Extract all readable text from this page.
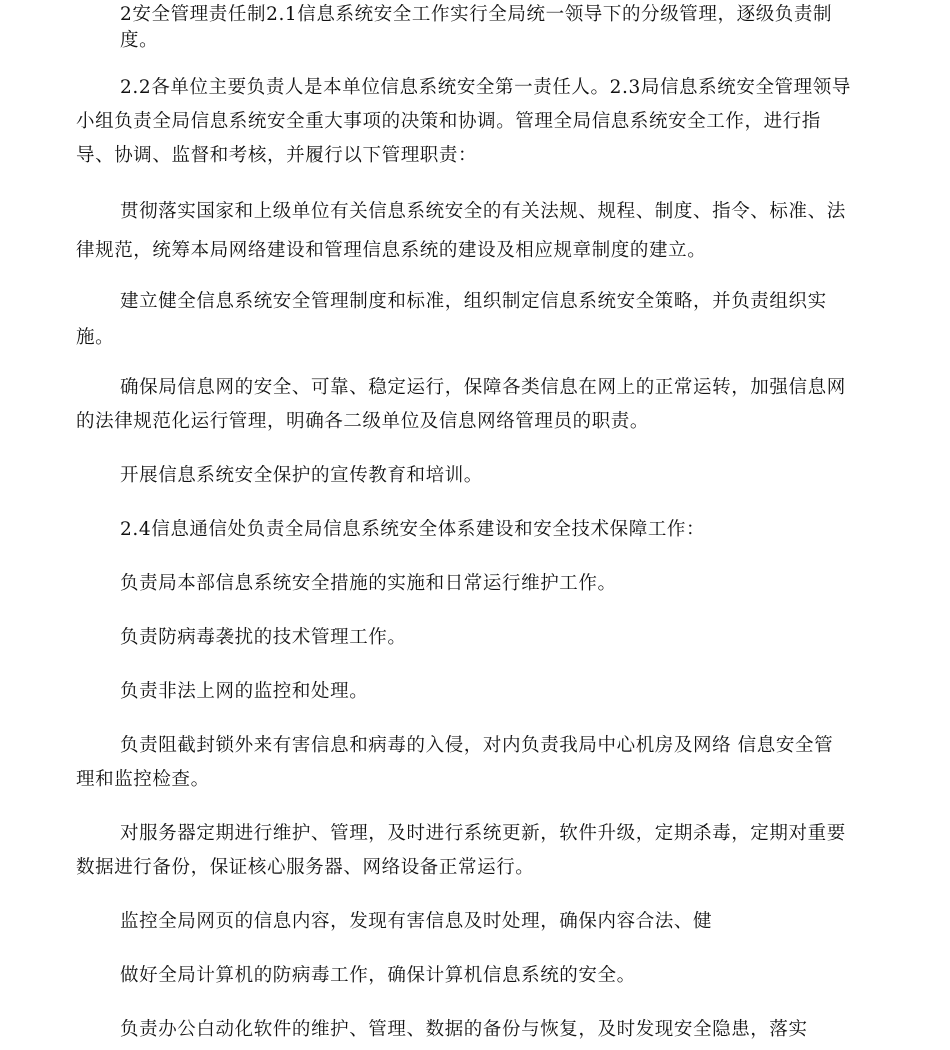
2安全管理责任制2.1信息系统安全工作实行全局统一领导下的分级管理，逐级负责制度。

2.2各单位主要负责人是本单位信息系统安全第一责任人。2.3局信息系统安全管理领导小组负责全局信息系统安全重大事项的决策和协调。管理全局信息系统安全工作，进行指导、协调、监督和考核，并履行以下管理职责：

贯彻落实国家和上级单位有关信息系统安全的有关法规、规程、制度、指令、标准、法律规范，统筹本局网络建设和管理信息系统的建设及相应规章制度的建立。

建立健全信息系统安全管理制度和标准，组织制定信息系统安全策略，并负责组织实施。

确保局信息网的安全、可靠、稳定运行，保障各类信息在网上的正常运转，加强信息网的法律规范化运行管理，明确各二级单位及信息网络管理员的职责。

开展信息系统安全保护的宣传教育和培训。

2.4信息通信处负责全局信息系统安全体系建设和安全技术保障工作：

负责局本部信息系统安全措施的实施和日常运行维护工作。

负责防病毒袭扰的技术管理工作。

负责非法上网的监控和处理。

负责阻截封锁外来有害信息和病毒的入侵，对内负责我局中心机房及网络 信息安全管理和监控检查。

对服务器定期进行维护、管理，及时进行系统更新，软件升级，定期杀毒，定期对重要数据进行备份，保证核心服务器、网络设备正常运行。

监控全局网页的信息内容，发现有害信息及时处理，确保内容合法、健

做好全局计算机的防病毒工作，确保计算机信息系统的安全。

负责办公白动化软件的维护、管理、数据的备份与恢复，及时发现安全隐患，落实
